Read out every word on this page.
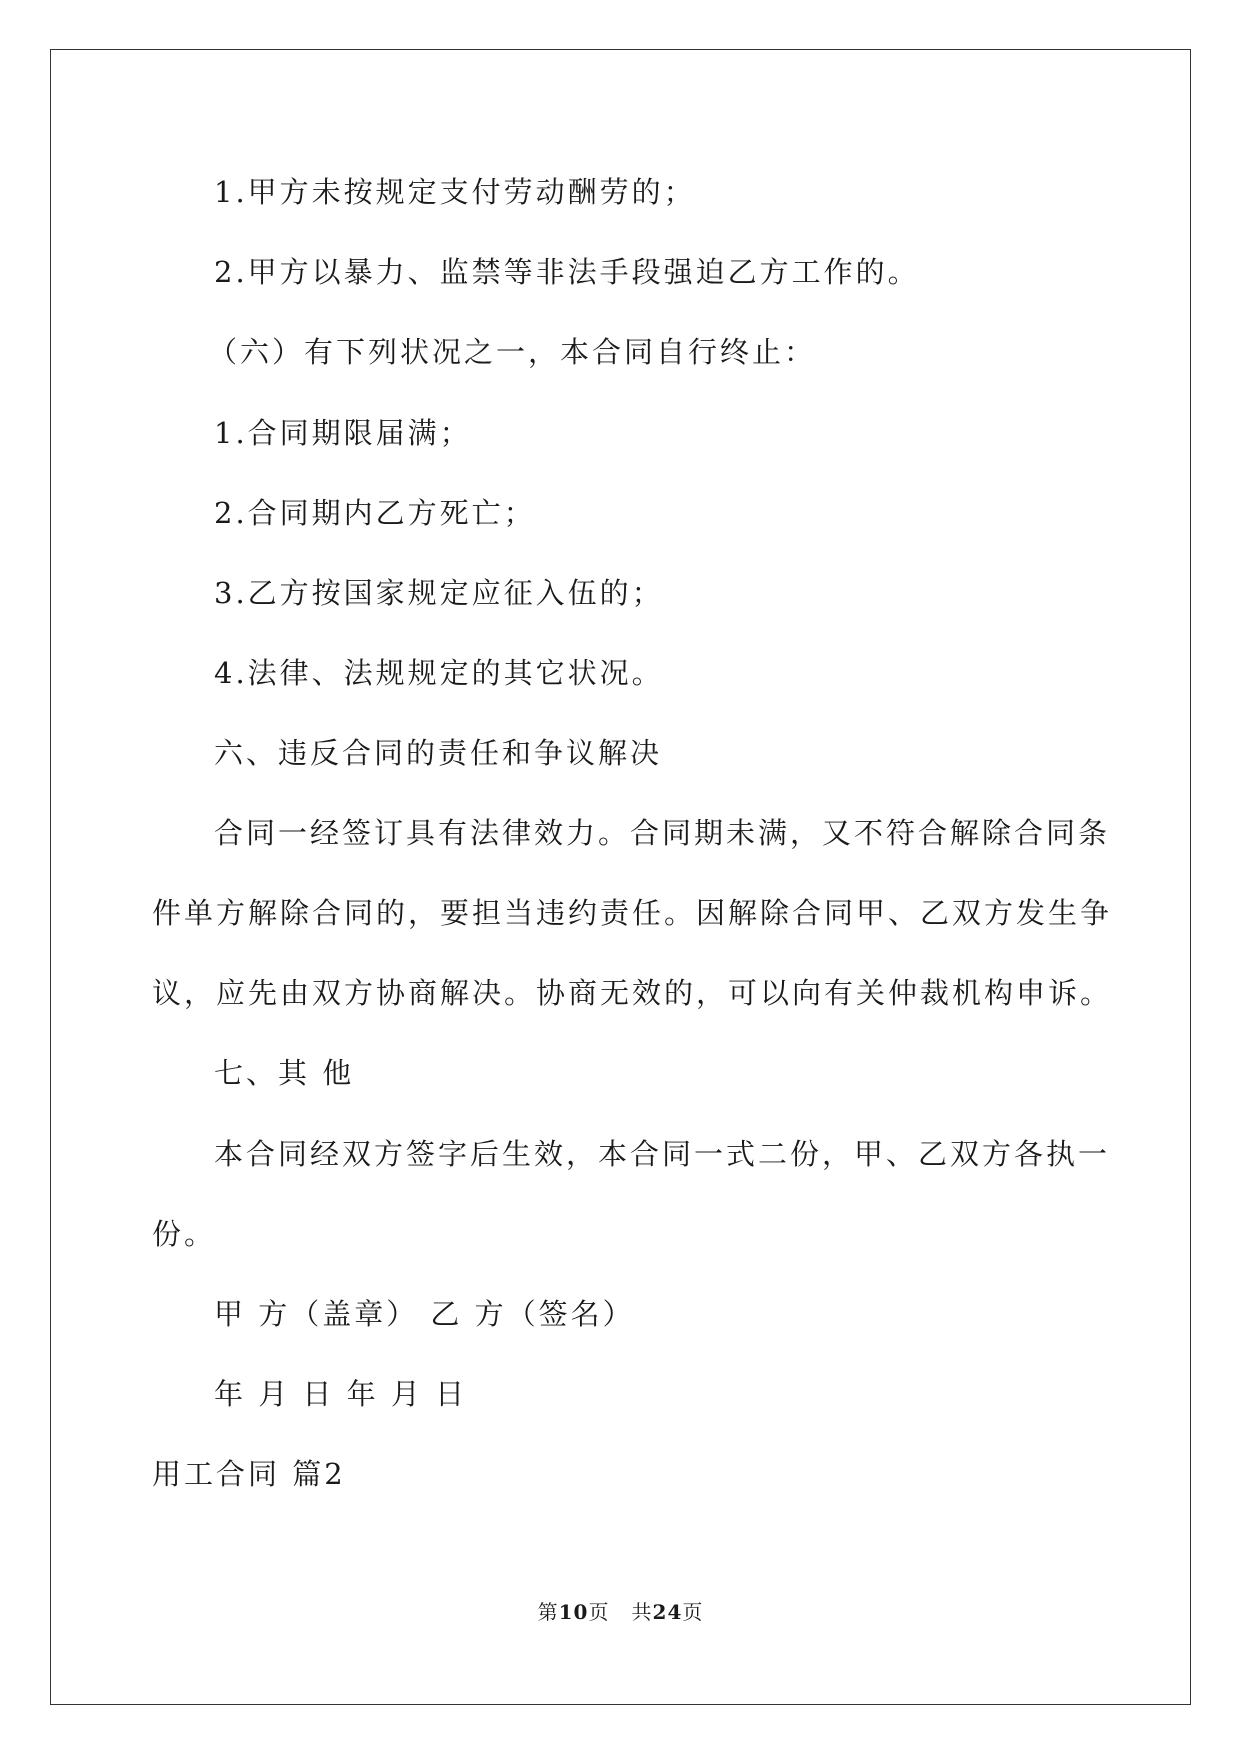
1.甲方未按规定支付劳动酬劳的；
2.甲方以暴力、监禁等非法手段强迫乙方工作的。
（六）有下列状况之一，本合同自行终止：
1.合同期限届满；
2.合同期内乙方死亡；
3.乙方按国家规定应征入伍的；
4.法律、法规规定的其它状况。
六、违反合同的责任和争议解决
合同一经签订具有法律效力。合同期未满，又不符合解除合同条
件单方解除合同的，要担当违约责任。因解除合同甲、乙双方发生争
议，应先由双方协商解决。协商无效的，可以向有关仲裁机构申诉。
七、其 他
本合同经双方签字后生效，本合同一式二份，甲、乙双方各执一
份。
甲 方（盖章） 乙 方（签名）
年 月 日 年 月 日
用工合同 篇2
第10页 共24页
